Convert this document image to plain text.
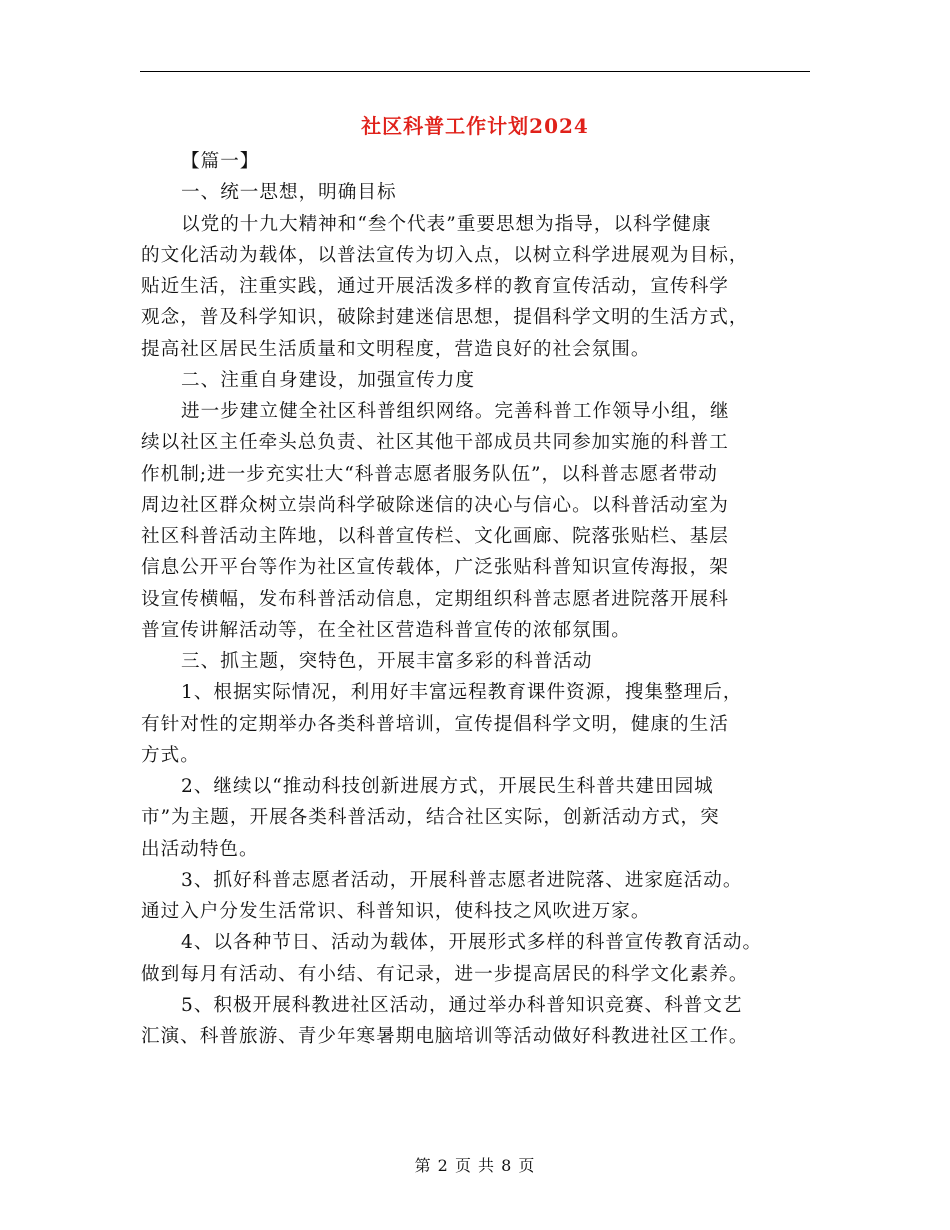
社区科普工作计划2024
【篇一】
一、统一思想，明确目标
以党的十九大精神和“叁个代表”重要思想为指导，以科学健康
的文化活动为载体，以普法宣传为切入点，以树立科学进展观为目标，
贴近生活，注重实践，通过开展活泼多样的教育宣传活动，宣传科学
观念，普及科学知识，破除封建迷信思想，提倡科学文明的生活方式，
提高社区居民生活质量和文明程度，营造良好的社会氛围。
二、注重自身建设，加强宣传力度
进一步建立健全社区科普组织网络。完善科普工作领导小组，继
续以社区主任牵头总负责、社区其他干部成员共同参加实施的科普工
作机制;进一步充实壮大“科普志愿者服务队伍”，以科普志愿者带动
周边社区群众树立崇尚科学破除迷信的决心与信心。以科普活动室为
社区科普活动主阵地，以科普宣传栏、文化画廊、院落张贴栏、基层
信息公开平台等作为社区宣传载体，广泛张贴科普知识宣传海报，架
设宣传横幅，发布科普活动信息，定期组织科普志愿者进院落开展科
普宣传讲解活动等，在全社区营造科普宣传的浓郁氛围。
三、抓主题，突特色，开展丰富多彩的科普活动
1、根据实际情况，利用好丰富远程教育课件资源，搜集整理后，
有针对性的定期举办各类科普培训，宣传提倡科学文明，健康的生活
方式。
2、继续以“推动科技创新进展方式，开展民生科普共建田园城
市”为主题，开展各类科普活动，结合社区实际，创新活动方式，突
出活动特色。
3、抓好科普志愿者活动，开展科普志愿者进院落、进家庭活动。
通过入户分发生活常识、科普知识，使科技之风吹进万家。
4、以各种节日、活动为载体，开展形式多样的科普宣传教育活动。
做到每月有活动、有小结、有记录，进一步提高居民的科学文化素养。
5、积极开展科教进社区活动，通过举办科普知识竞赛、科普文艺
汇演、科普旅游、青少年寒暑期电脑培训等活动做好科教进社区工作。
第 2 页 共 8 页
